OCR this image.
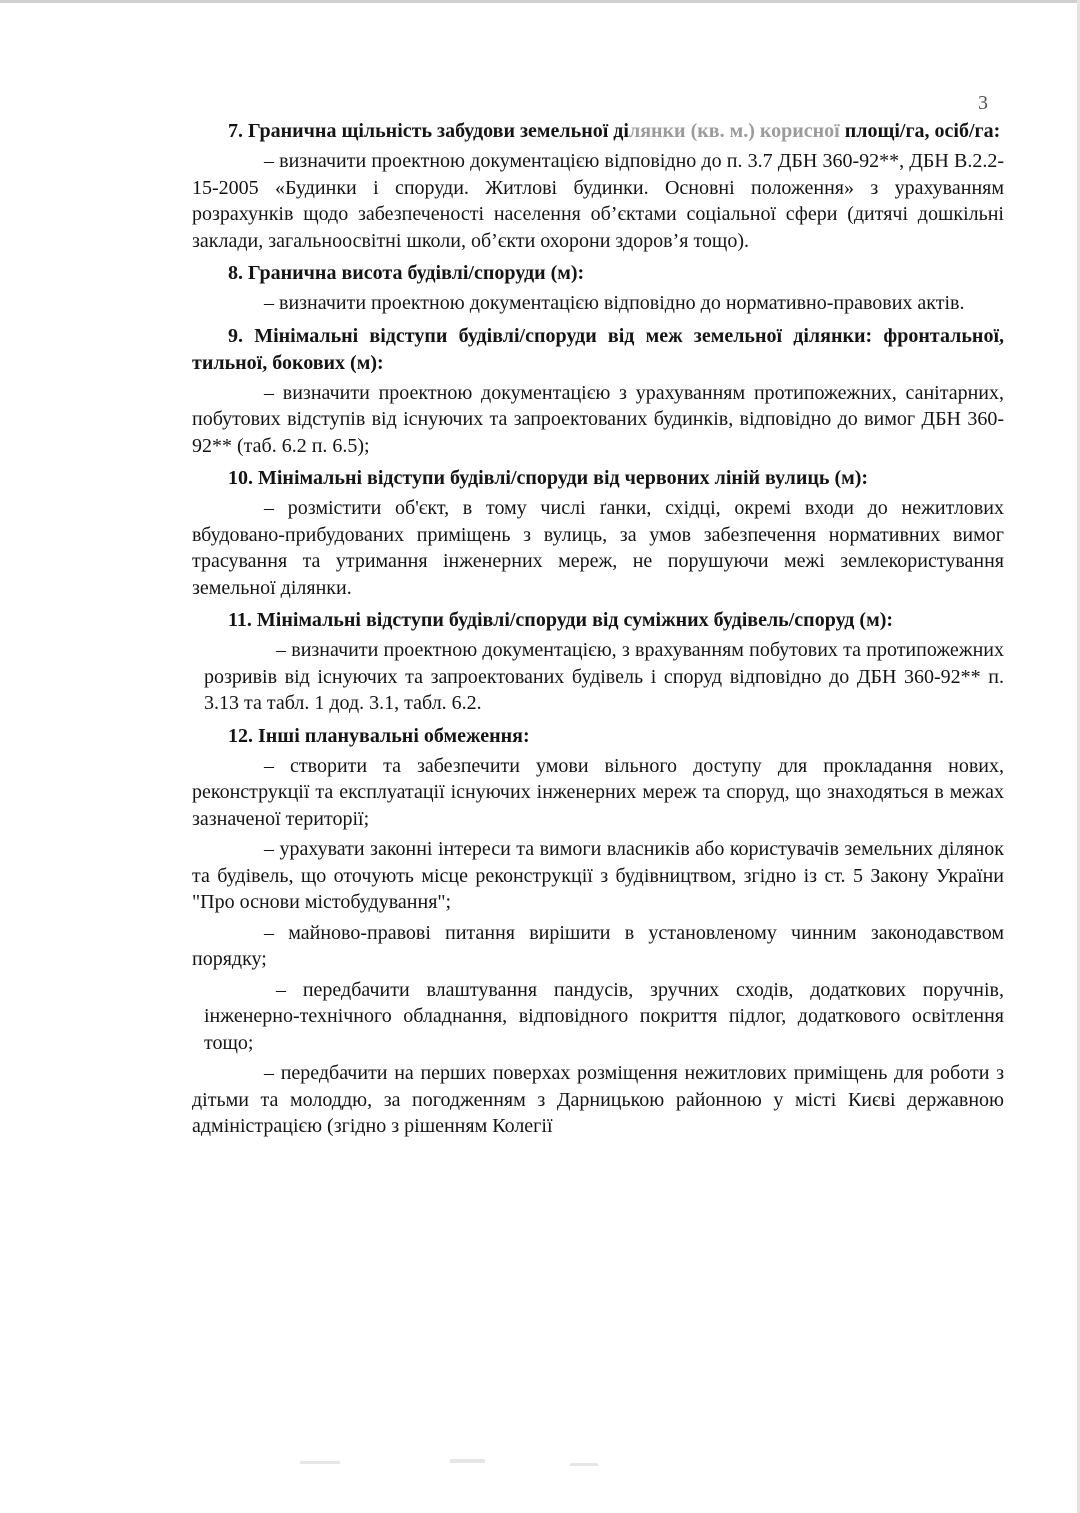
3

7. Гранична щільність забудови земельної ділянки (кв. м.) корисної площі/га, осіб/га:

– визначити проектною документацією відповідно до п. 3.7 ДБН 360-92**, ДБН В.2.2-15-2005 «Будинки і споруди. Житлові будинки. Основні положення» з урахуванням розрахунків щодо забезпеченості населення об’єктами соціальної сфери (дитячі дошкільні заклади, загальноосвітні школи, об’єкти охорони здоров’я тощо).

8. Гранична висота будівлі/споруди (м):

– визначити проектною документацією відповідно до нормативно-правових актів.

9. Мінімальні відступи будівлі/споруди від меж земельної ділянки: фронтальної, тильної, бокових (м):

– визначити проектною документацією з урахуванням протипожежних, санітарних, побутових відступів від існуючих та запроектованих будинків, відповідно до вимог ДБН 360-92** (таб. 6.2 п. 6.5);

10. Мінімальні відступи будівлі/споруди від червоних ліній вулиць (м):

– розмістити об'єкт, в тому числі ґанки, східці, окремі входи до нежитлових вбудовано-прибудованих приміщень з вулиць, за умов забезпечення нормативних вимог трасування та утримання інженерних мереж, не порушуючи межі землекористування земельної ділянки.

11. Мінімальні відступи будівлі/споруди від суміжних будівель/споруд (м):

– визначити проектною документацією, з врахуванням побутових та протипожежних розривів від існуючих та запроектованих будівель і споруд відповідно до ДБН 360-92** п. 3.13 та табл. 1 дод. 3.1, табл. 6.2.

12. Інші планувальні обмеження:

– створити та забезпечити умови вільного доступу для прокладання нових, реконструкції та експлуатації існуючих інженерних мереж та споруд, що знаходяться в межах зазначеної території;

– урахувати законні інтереси та вимоги власників або користувачів земельних ділянок та будівель, що оточують місце реконструкції з будівництвом, згідно із ст. 5 Закону України "Про основи містобудування";

– майново-правові питання вирішити в установленому чинним законодавством порядку;

– передбачити влаштування пандусів, зручних сходів, додаткових поручнів, інженерно-технічного обладнання, відповідного покриття підлог, додаткового освітлення тощо;

– передбачити на перших поверхах розміщення нежитлових приміщень для роботи з дітьми та молоддю, за погодженням з Дарницькою районною у місті Києві державною адміністрацією (згідно з рішенням Колегії
